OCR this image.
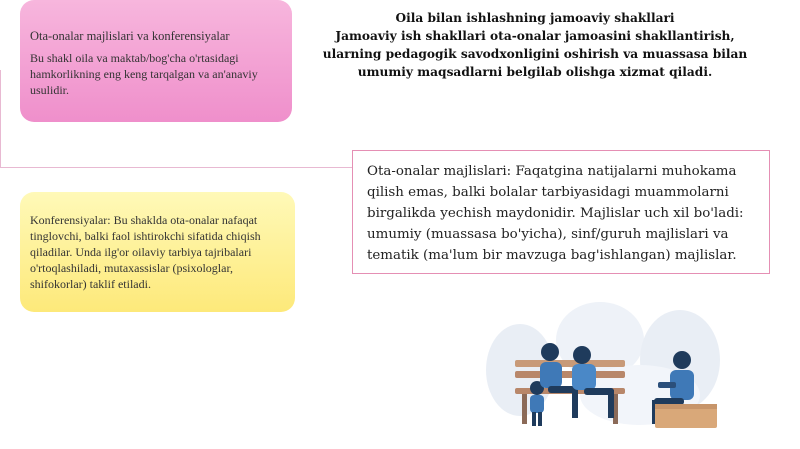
Ota-onalar majlislari va konferensiyalar
Bu shakl oila va maktab/bog'cha o'rtasidagi hamkorlikning eng keng tarqalgan va an'anaviy usulidir.
Konferensiyalar: Bu shaklda ota-onalar nafaqat tinglovchi, balki faol ishtirokchi sifatida chiqish qiladilar. Unda ilg'or oilaviy tarbiya tajribalari o'rtoqlashiladi, mutaxassislar (psixologlar, shifokorlar) taklif etiladi.
Oila bilan ishlashning jamoaviy shakllari
Jamoaviy ish shakllari ota-onalar jamoasini shakllantirish, ularning pedagogik savodxonligini oshirish va muassasa bilan umumiy maqsadlarni belgilab olishga xizmat qiladi.
Ota-onalar majlislari: Faqatgina natijalarni muhokama qilish emas, balki bolalar tarbiyasidagi muammolarni birgalikda yechish maydonidir. Majlislar uch xil bo'ladi: umumiy (muassasa bo'yicha), sinf/guruh majlislari va tematik (ma'lum bir mavzuga bag'ishlangan) majlislar.
